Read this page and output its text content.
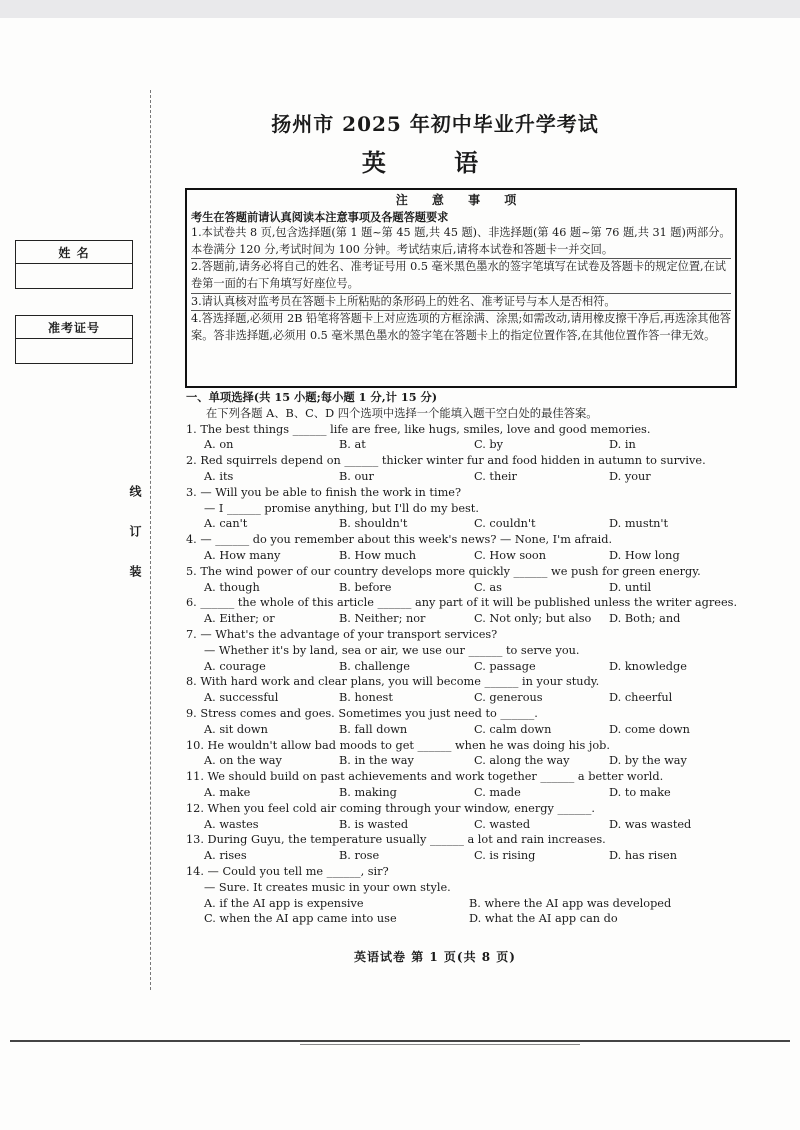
线
订
装
姓 名
准考证号
扬州市 2025 年初中毕业升学考试
英 语
注 意 事 项
考生在答题前请认真阅读本注意事项及各题答题要求

1.本试卷共 8 页,包含选择题(第 1 题~第 45 题,共 45 题)、非选择题(第 46 题~第 76 题,共 31 题)两部分。本卷满分 120 分,考试时间为 100 分钟。考试结束后,请将本试卷和答题卡一并交回。

2.答题前,请务必将自己的姓名、准考证号用 0.5 毫米黑色墨水的签字笔填写在试卷及答题卡的规定位置,在试卷第一面的右下角填写好座位号。

3.请认真核对监考员在答题卡上所粘贴的条形码上的姓名、准考证号与本人是否相符。

4.答选择题,必须用 2B 铅笔将答题卡上对应选项的方框涂满、涂黑;如需改动,请用橡皮擦干净后,再选涂其他答案。答非选择题,必须用 0.5 毫米黑色墨水的签字笔在答题卡上的指定位置作答,在其他位置作答一律无效。

一、单项选择(共 15 小题;每小题 1 分,计 15 分)
在下列各题 A、B、C、D 四个选项中选择一个能填入题干空白处的最佳答案。
1. The best things ______ life are free, like hugs, smiles, love and good memories.
A. on	B. at	C. by	D. in
2. Red squirrels depend on ______ thicker winter fur and food hidden in autumn to survive.
A. its	B. our	C. their	D. your
3. — Will you be able to finish the work in time?
— I ______ promise anything, but I'll do my best.
A. can't	B. shouldn't	C. couldn't	D. mustn't
4. — ______ do you remember about this week's news? — None, I'm afraid.
A. How many	B. How much	C. How soon	D. How long
5. The wind power of our country develops more quickly ______ we push for green energy.
A. though	B. before	C. as	D. until
6. ______ the whole of this article ______ any part of it will be published unless the writer agrees.
A. Either; or	B. Neither; nor	C. Not only; but also	D. Both; and
7. — What's the advantage of your transport services?
— Whether it's by land, sea or air, we use our ______ to serve you.
A. courage	B. challenge	C. passage	D. knowledge
8. With hard work and clear plans, you will become ______ in your study.
A. successful	B. honest	C. generous	D. cheerful
9. Stress comes and goes. Sometimes you just need to ______.
A. sit down	B. fall down	C. calm down	D. come down
10. He wouldn't allow bad moods to get ______ when he was doing his job.
A. on the way	B. in the way	C. along the way	D. by the way
11. We should build on past achievements and work together ______ a better world.
A. make	B. making	C. made	D. to make
12. When you feel cold air coming through your window, energy ______.
A. wastes	B. is wasted	C. wasted	D. was wasted
13. During Guyu, the temperature usually ______ a lot and rain increases.
A. rises	B. rose	C. is rising	D. has risen
14. — Could you tell me ______, sir?
— Sure. It creates music in your own style.
A. if the AI app is expensive	B. where the AI app was developed
C. when the AI app came into use	D. what the AI app can do
英语试卷 第 1 页(共 8 页)
